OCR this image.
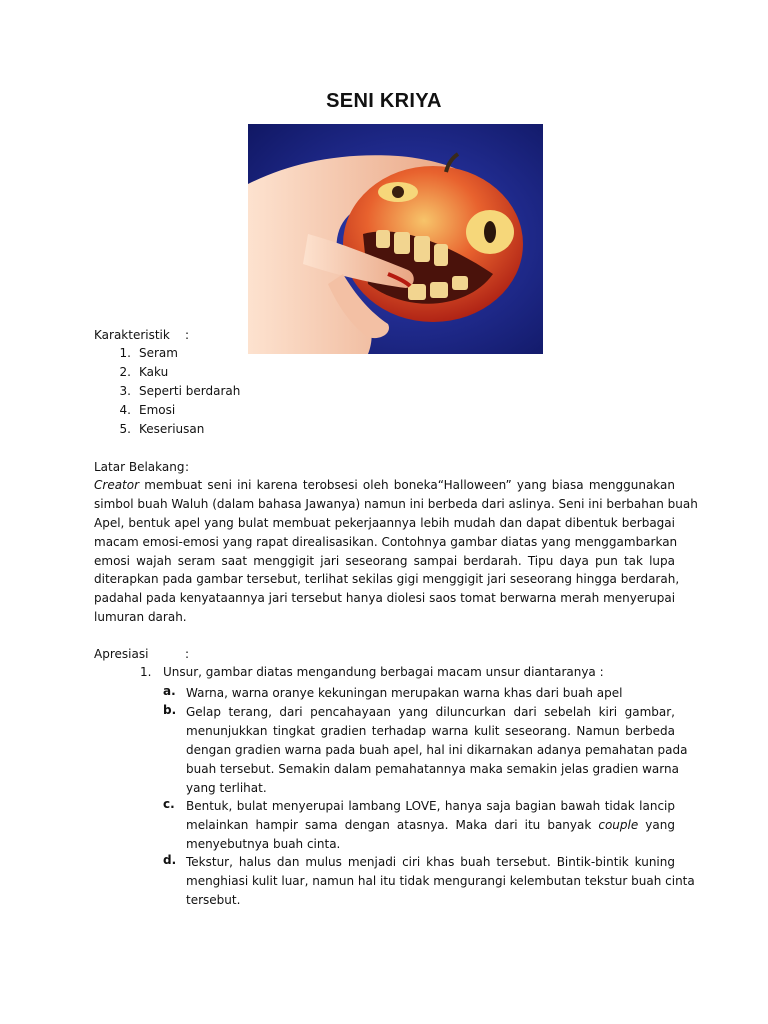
SENI KRIYA
Karakteristik :
1. Seram
2. Kaku
3. Seperti berdarah
4. Emosi
5. Keseriusan
Latar Belakang :
Creator membuat seni ini karena terobsesi oleh boneka“Halloween” yang biasa menggunakan
simbol buah Waluh (dalam bahasa Jawanya) namun ini berbeda dari aslinya. Seni ini berbahan buah
Apel, bentuk apel yang bulat membuat pekerjaannya lebih mudah dan dapat dibentuk berbagai
macam emosi-emosi yang rapat direalisasikan. Contohnya gambar diatas yang menggambarkan
emosi wajah seram saat menggigit jari seseorang sampai berdarah. Tipu daya pun tak lupa
diterapkan pada gambar tersebut, terlihat sekilas gigi menggigit jari seseorang hingga berdarah,
padahal pada kenyataannya jari tersebut hanya diolesi saos tomat berwarna merah menyerupai
lumuran darah.
Apresiasi	:
1. Unsur, gambar diatas mengandung berbagai macam unsur diantaranya :
a. Warna, warna oranye kekuningan merupakan warna khas dari buah apel
b. Gelap terang, dari pencahayaan yang diluncurkan dari sebelah kiri gambar,
menunjukkan tingkat gradien terhadap warna kulit seseorang. Namun berbeda
dengan gradien warna pada buah apel, hal ini dikarnakan adanya pemahatan pada
buah tersebut. Semakin dalam pemahatannya maka semakin jelas gradien warna
yang terlihat.
c. Bentuk, bulat menyerupai lambang LOVE, hanya saja bagian bawah tidak lancip
melainkan hampir sama dengan atasnya. Maka dari itu banyak couple yang
menyebutnya buah cinta.
d. Tekstur, halus dan mulus menjadi ciri khas buah tersebut. Bintik-bintik kuning
menghiasi kulit luar, namun hal itu tidak mengurangi kelembutan tekstur buah cinta
tersebut.
